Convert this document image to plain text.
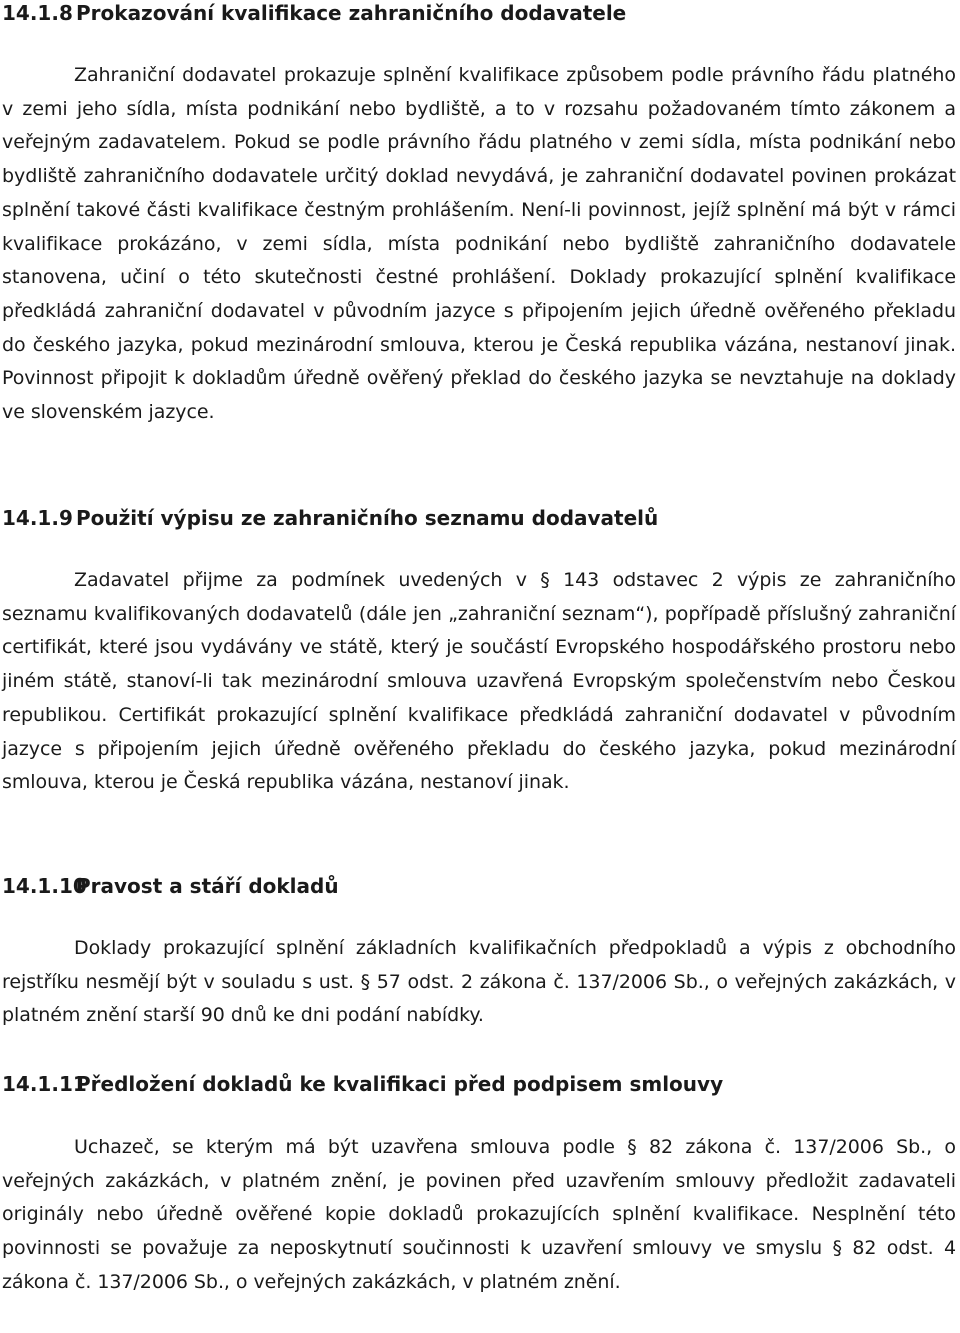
14.1.8 Prokazování kvalifikace zahraničního dodavatele

Zahraniční dodavatel prokazuje splnění kvalifikace způsobem podle právního řádu platného v zemi jeho sídla, místa podnikání nebo bydliště, a to v rozsahu požadovaném tímto zákonem a veřejným zadavatelem. Pokud se podle právního řádu platného v zemi sídla, místa podnikání nebo bydliště zahraničního dodavatele určitý doklad nevydává, je zahraniční dodavatel povinen prokázat splnění takové části kvalifikace čestným prohlášením. Není-li povinnost, jejíž splnění má být v rámci kvalifikace prokázáno, v zemi sídla, místa podnikání nebo bydliště zahraničního dodavatele stanovena, učiní o této skutečnosti čestné prohlášení. Doklady prokazující splnění kvalifikace předkládá zahraniční dodavatel v původním jazyce s připojením jejich úředně ověřeného překladu do českého jazyka, pokud mezinárodní smlouva, kterou je Česká republika vázána, nestanoví jinak. Povinnost připojit k dokladům úředně ověřený překlad do českého jazyka se nevztahuje na doklady ve slovenském jazyce.

14.1.9 Použití výpisu ze zahraničního seznamu dodavatelů

Zadavatel přijme za podmínek uvedených v § 143 odstavec 2 výpis ze zahraničního seznamu kvalifikovaných dodavatelů (dále jen „zahraniční seznam“), popřípadě příslušný zahraniční certifikát, které jsou vydávány ve státě, který je součástí Evropského hospodářského prostoru nebo jiném státě, stanoví-li tak mezinárodní smlouva uzavřená Evropským společenstvím nebo Českou republikou. Certifikát prokazující splnění kvalifikace předkládá zahraniční dodavatel v původním jazyce s připojením jejich úředně ověřeného překladu do českého jazyka, pokud mezinárodní smlouva, kterou je Česká republika vázána, nestanoví jinak.

14.1.10Pravost a stáří dokladů

Doklady prokazující splnění základních kvalifikačních předpokladů a výpis z obchodního rejstříku nesmějí být v souladu s ust. § 57 odst. 2 zákona č. 137/2006 Sb., o veřejných zakázkách, v platném znění starší 90 dnů ke dni podání nabídky.

14.1.11Předložení dokladů ke kvalifikaci před podpisem smlouvy

Uchazeč, se kterým má být uzavřena smlouva podle § 82 zákona č. 137/2006 Sb., o veřejných zakázkách, v platném znění, je povinen před uzavřením smlouvy předložit zadavateli originály nebo úředně ověřené kopie dokladů prokazujících splnění kvalifikace. Nesplnění této povinnosti se považuje za neposkytnutí součinnosti k uzavření smlouvy ve smyslu § 82 odst. 4 zákona č. 137/2006 Sb., o veřejných zakázkách, v platném znění.
